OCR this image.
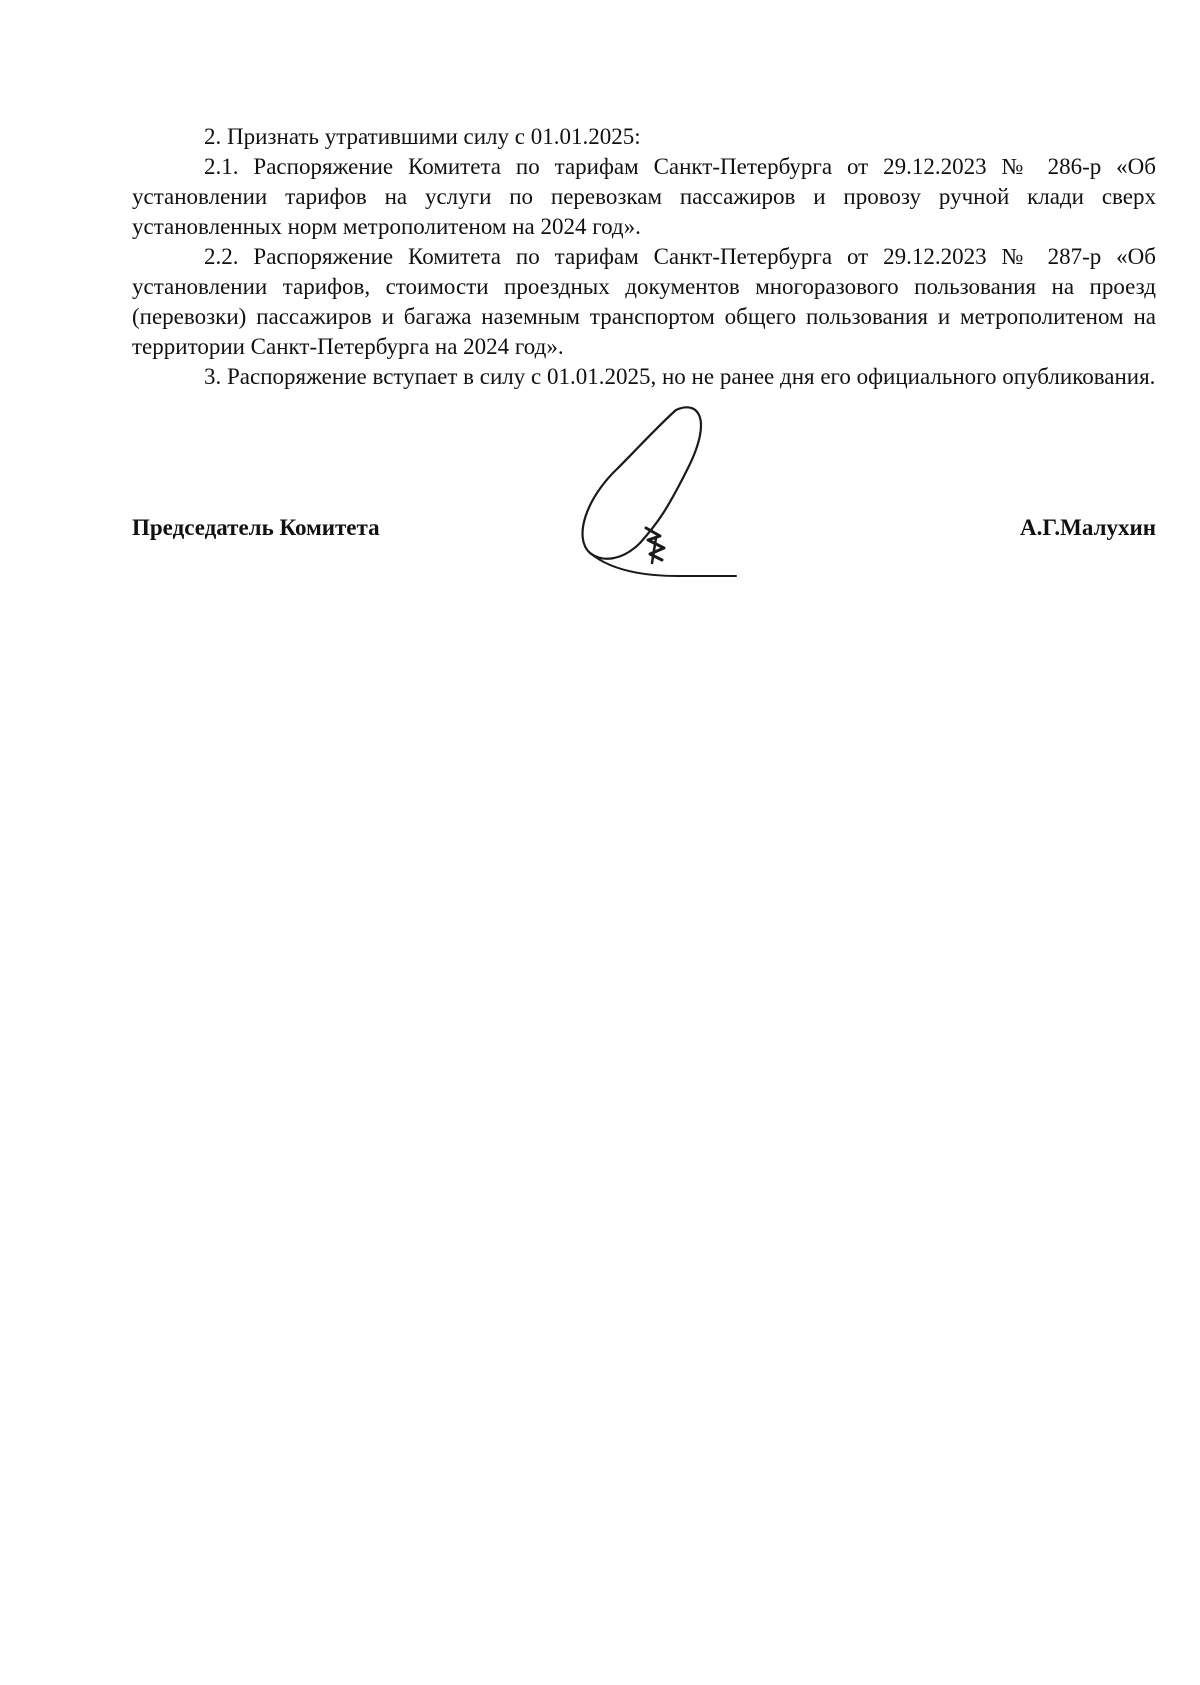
2. Признать утратившими силу с 01.01.2025:

2.1. Распоряжение Комитета по тарифам Санкт-Петербурга от 29.12.2023 № 286-р «Об установлении тарифов на услуги по перевозкам пассажиров и провозу ручной клади сверх установленных норм метрополитеном на 2024 год».

2.2. Распоряжение Комитета по тарифам Санкт-Петербурга от 29.12.2023 № 287-р «Об установлении тарифов, стоимости проездных документов многоразового пользования на проезд (перевозки) пассажиров и багажа наземным транспортом общего пользования и метрополитеном на территории Санкт-Петербурга на 2024 год».

3. Распоряжение вступает в силу с 01.01.2025, но не ранее дня его официального опубликования.

Председатель Комитета	А.Г.Малухин
